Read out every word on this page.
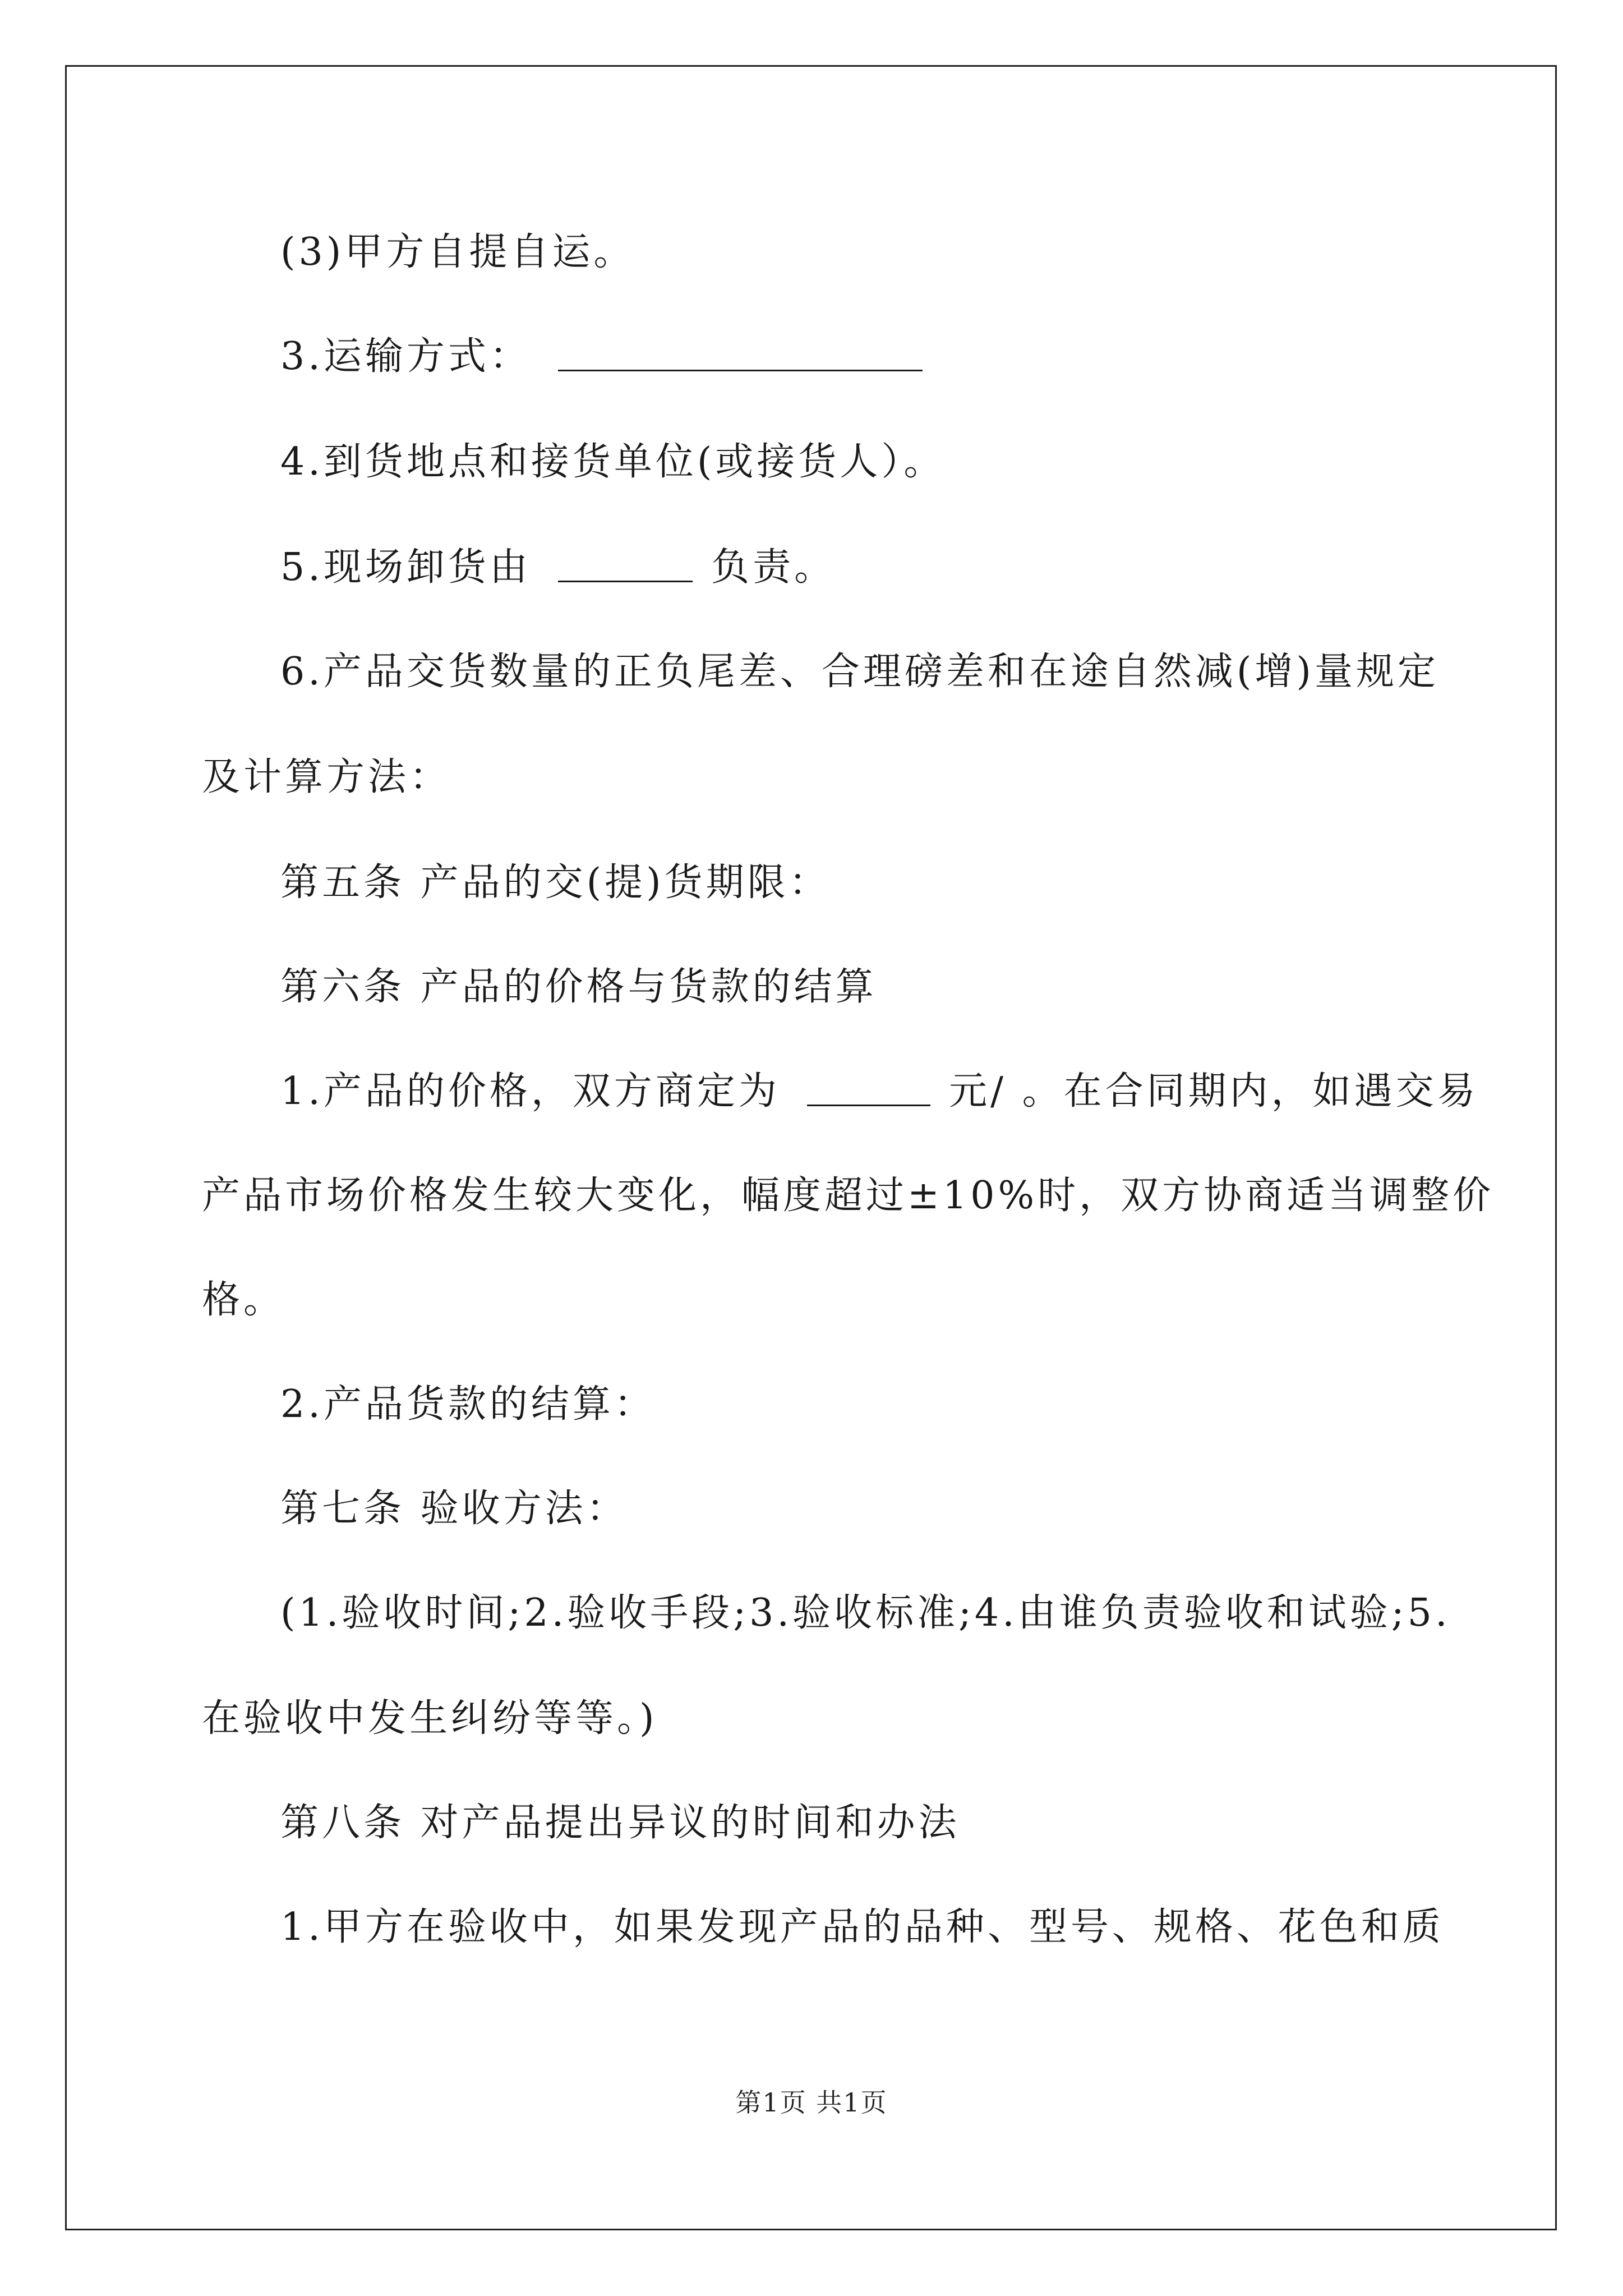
(3)甲方自提自运。
3.运输方式：
4.到货地点和接货单位(或接货人）。
5.现场卸货由	负责。
6.产品交货数量的正负尾差、合理磅差和在途自然减(增)量规定
及计算方法：
第五条 产品的交(提)货期限：
第六条 产品的价格与货款的结算
1.产品的价格，双方商定为	元/ 。在合同期内，如遇交易
产品市场价格发生较大变化，幅度超过±10%时，双方协商适当调整价
格。
2.产品货款的结算：
第七条 验收方法：
(1.验收时间;2.验收手段;3.验收标准;4.由谁负责验收和试验;5.
在验收中发生纠纷等等。)
第八条 对产品提出异议的时间和办法
1.甲方在验收中，如果发现产品的品种、型号、规格、花色和质
第1页 共1页
